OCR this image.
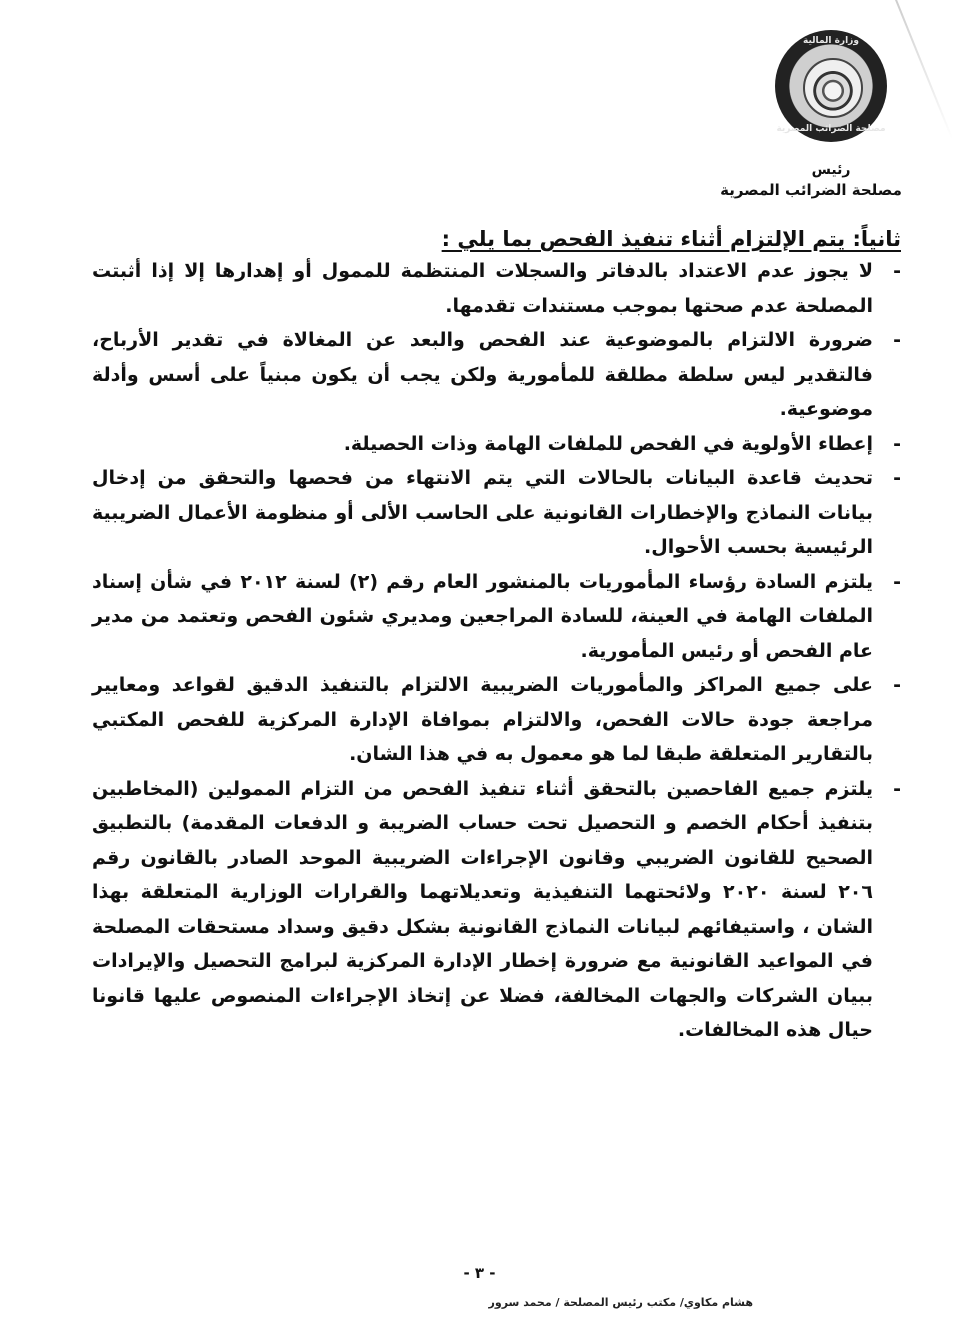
وزارة المالية
مصلحة الضرائب المصرية
رئيس
مصلحة الضرائب المصرية
ثانياً: يتم الإلتزام أثناء تنفيذ الفحص بما يلي :
-
لا يجوز عدم الاعتداد بالدفاتر والسجلات المنتظمة للممول أو إهدارها إلا إذا أثبتت المصلحة عدم صحتها بموجب مستندات تقدمها.
-
ضرورة الالتزام بالموضوعية عند الفحص والبعد عن المغالاة في تقدير الأرباح، فالتقدير ليس سلطة مطلقة للمأمورية ولكن يجب أن يكون مبنياً على أسس وأدلة موضوعية.
-
إعطاء الأولوية في الفحص للملفات الهامة وذات الحصيلة.
-
تحديث قاعدة البيانات بالحالات التي يتم الانتهاء من فحصها والتحقق من إدخال بيانات النماذج والإخطارات القانونية على الحاسب الألى أو منظومة الأعمال الضريبية الرئيسية بحسب الأحوال.
-
يلتزم السادة رؤساء المأموريات بالمنشور العام رقم (٢) لسنة ٢٠١٢ في شأن إسناد الملفات الهامة في العينة، للسادة المراجعين ومديري شئون الفحص وتعتمد من مدير عام الفحص أو رئيس المأمورية.
-
على جميع المراكز والمأموريات الضريبية الالتزام بالتنفيذ الدقيق لقواعد ومعايير مراجعة جودة حالات الفحص، والالتزام بموافاة الإدارة المركزية للفحص المكتبي بالتقارير المتعلقة طبقا لما هو معمول به في هذا الشان.
-
يلتزم جميع الفاحصين بالتحقق أثناء تنفيذ الفحص من التزام الممولين (المخاطبين بتنفيذ أحكام الخصم و التحصيل تحت حساب الضريبة و الدفعات المقدمة) بالتطبيق الصحيح للقانون الضريبي وقانون الإجراءات الضريبية الموحد الصادر بالقانون رقم ٢٠٦ لسنة ٢٠٢٠ ولائحتهما التنفيذية وتعديلاتهما والقرارات الوزارية المتعلقة بهذا الشان ، واستيفائهم لبيانات النماذج القانونية بشكل دقيق وسداد مستحقات المصلحة في المواعيد القانونية مع ضرورة إخطار الإدارة المركزية لبرامج التحصيل والإيرادات ببيان الشركات والجهات المخالفة، فضلا عن إتخاذ الإجراءات المنصوص عليها قانونا حيال هذه المخالفات.
- ٣ -
هشام مكاوي/ مكتب رئيس المصلحة / محمد سرور
